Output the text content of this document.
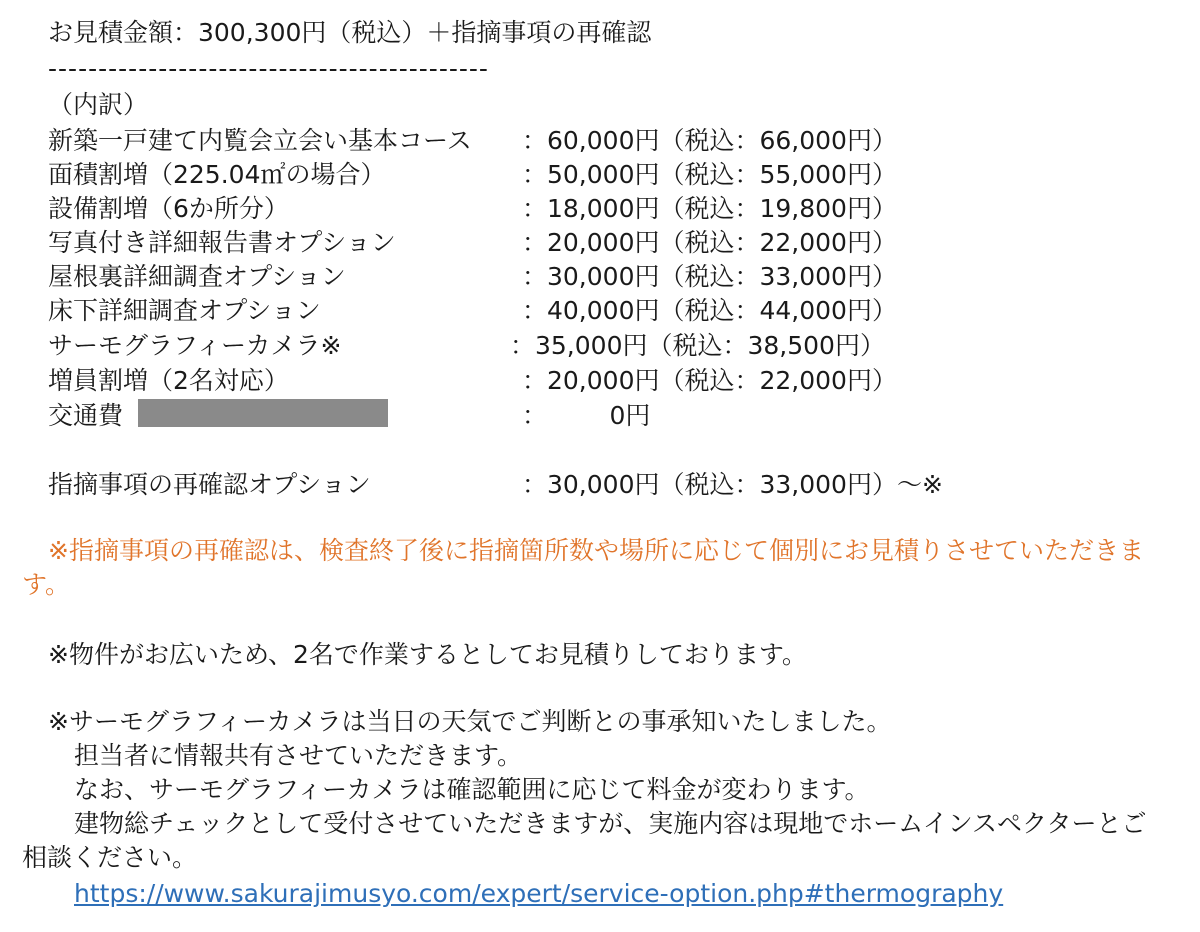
お見積金額：300,300円（税込）＋指摘事項の再確認
--------------------------------------------
（内訳）
新築一戸建て内覧会立会い基本コース ：60,000円（税込：66,000円）
面積割増（225.04㎡の場合）	：50,000円（税込：55,000円）
設備割増（6か所分）	：18,000円（税込：19,800円）
写真付き詳細報告書オプション	：20,000円（税込：22,000円）
屋根裏詳細調査オプション	：30,000円（税込：33,000円）
床下詳細調査オプション	：40,000円（税込：44,000円）
サーモグラフィーカメラ※	：35,000円（税込：38,500円）
増員割増（2名対応）	：20,000円（税込：22,000円）
交通費	：　　　0円
指摘事項の再確認オプション	：30,000円（税込：33,000円）～※
※指摘事項の再確認は、検査終了後に指摘箇所数や場所に応じて個別にお見積りさせていただきま
す。
※物件がお広いため、2名で作業するとしてお見積りしております。
※サーモグラフィーカメラは当日の天気でご判断との事承知いたしました。
担当者に情報共有させていただきます。
なお、サーモグラフィーカメラは確認範囲に応じて料金が変わります。
建物総チェックとして受付させていただきますが、実施内容は現地でホームインスペクターとご
相談ください。
https://www.sakurajimusyo.com/expert/service-option.php#thermography
